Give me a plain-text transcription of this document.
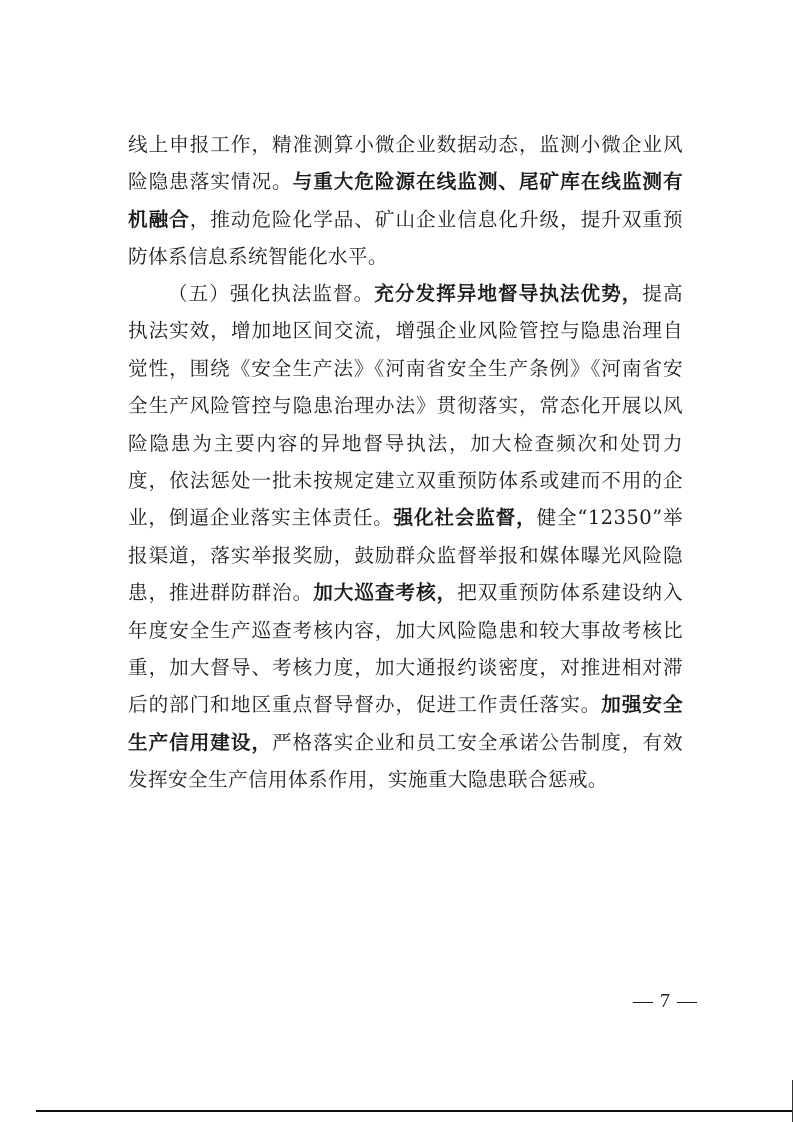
线上申报工作，精准测算小微企业数据动态，监测小微企业风险隐患落实情况。与重大危险源在线监测、尾矿库在线监测有机融合，推动危险化学品、矿山企业信息化升级，提升双重预防体系信息系统智能化水平。

（五）强化执法监督。充分发挥异地督导执法优势，提高执法实效，增加地区间交流，增强企业风险管控与隐患治理自觉性，围绕《安全生产法》《河南省安全生产条例》《河南省安全生产风险管控与隐患治理办法》贯彻落实，常态化开展以风险隐患为主要内容的异地督导执法，加大检查频次和处罚力度，依法惩处一批未按规定建立双重预防体系或建而不用的企业，倒逼企业落实主体责任。强化社会监督，健全“12350”举报渠道，落实举报奖励，鼓励群众监督举报和媒体曝光风险隐患，推进群防群治。加大巡查考核，把双重预防体系建设纳入年度安全生产巡查考核内容，加大风险隐患和较大事故考核比重，加大督导、考核力度，加大通报约谈密度，对推进相对滞后的部门和地区重点督导督办，促进工作责任落实。加强安全生产信用建设，严格落实企业和员工安全承诺公告制度，有效发挥安全生产信用体系作用，实施重大隐患联合惩戒。

— 7 —
